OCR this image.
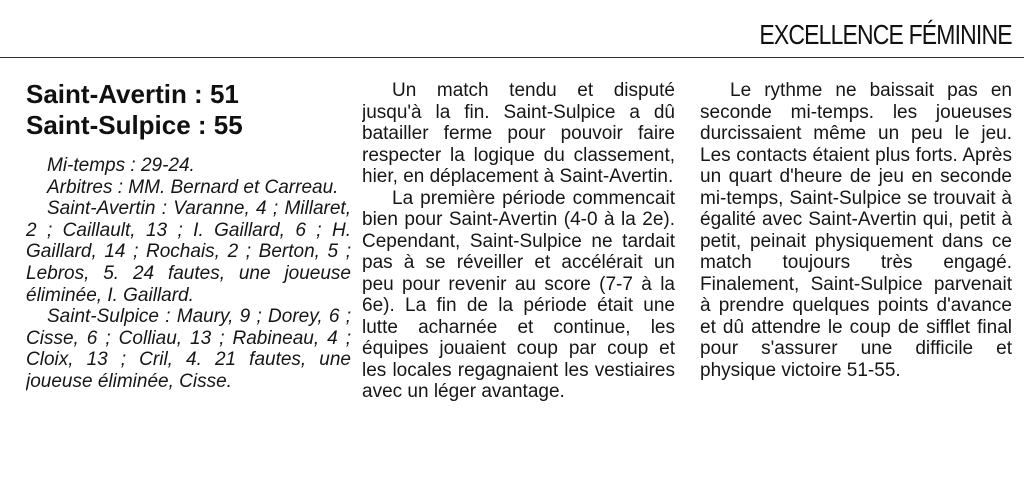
EXCELLENCE FÉMININE
Saint-Avertin : 51
Saint-Sulpice : 55

Mi-temps : 29-24.

Arbitres : MM. Bernard et Carreau.

Saint-Avertin : Varanne, 4 ; Millaret, 2 ; Caillault, 13 ; I. Gaillard, 6 ; H. Gaillard, 14 ; Rochais, 2 ; Berton, 5 ; Lebros, 5. 24 fautes, une joueuse éliminée, I. Gaillard.

Saint-Sulpice : Maury, 9 ; Dorey, 6 ; Cisse, 6 ; Colliau, 13 ; Rabineau, 4 ; Cloix, 13 ; Cril, 4. 21 fautes, une joueuse éliminée, Cisse.

Un match tendu et disputé jusqu'à la fin. Saint-Sulpice a dû batailler ferme pour pouvoir faire respecter la logique du classement, hier, en déplacement à Saint-Avertin.

La première période commencait bien pour Saint-Avertin (4-0 à la 2e). Cependant, Saint-Sulpice ne tardait pas à se réveiller et accélérait un peu pour revenir au score (7-7 à la 6e). La fin de la période était une lutte acharnée et continue, les équipes jouaient coup par coup et les locales regagnaient les vestiaires avec un léger avantage.

Le rythme ne baissait pas en seconde mi-temps. les joueuses durcissaient même un peu le jeu. Les contacts étaient plus forts. Après un quart d'heure de jeu en seconde mi-temps, Saint-Sulpice se trouvait à égalité avec Saint-Avertin qui, petit à petit, peinait physiquement dans ce match toujours très engagé. Finalement, Saint-Sulpice parvenait à prendre quelques points d'avance et dû attendre le coup de sifflet final pour s'assurer une difficile et physique victoire 51-55.
